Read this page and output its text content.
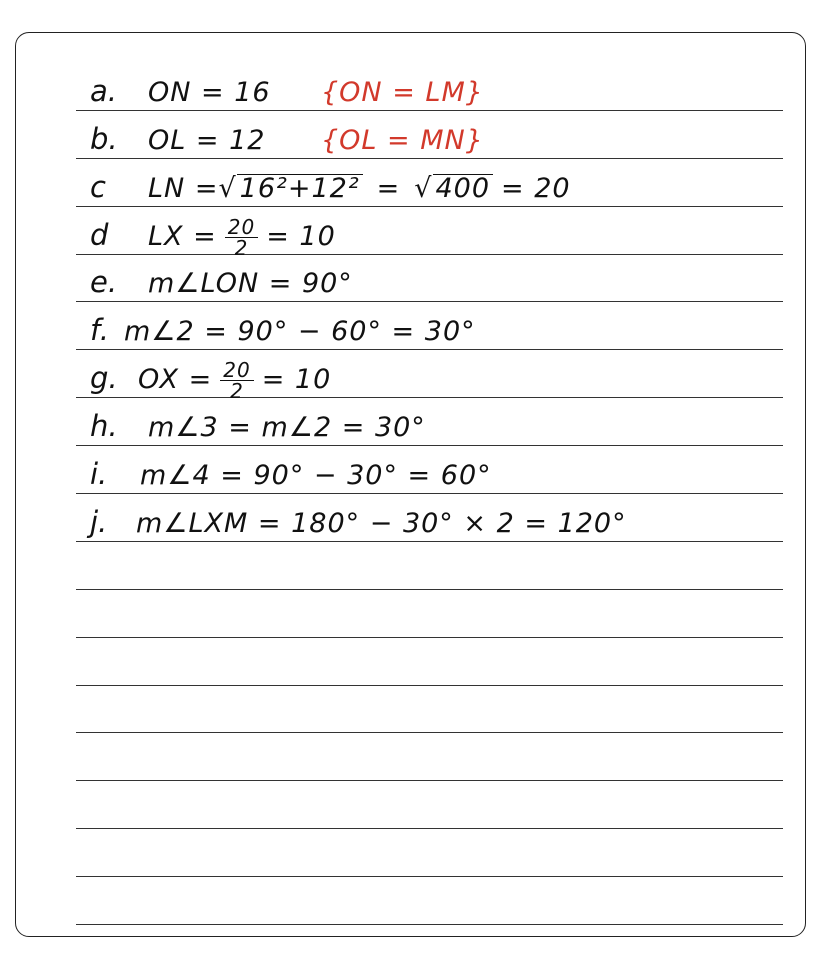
a. ON = 16 {ON = LM}
b. OL = 12 {OL = MN}
c LN = √ 16²+12² = √ 400 = 20
d LX = $\frac{20}{2} = 10$
e. m∠LON = 90°
f. m∠2 = 90° − 60° = 30°
g. OX = $\frac{20}{2} = 10$
h. m∠3 = m∠2 = 30°
i. m∠4 = 90° − 30° = 60°
j. m∠LXM = 180° − 30° × 2 = 120°
